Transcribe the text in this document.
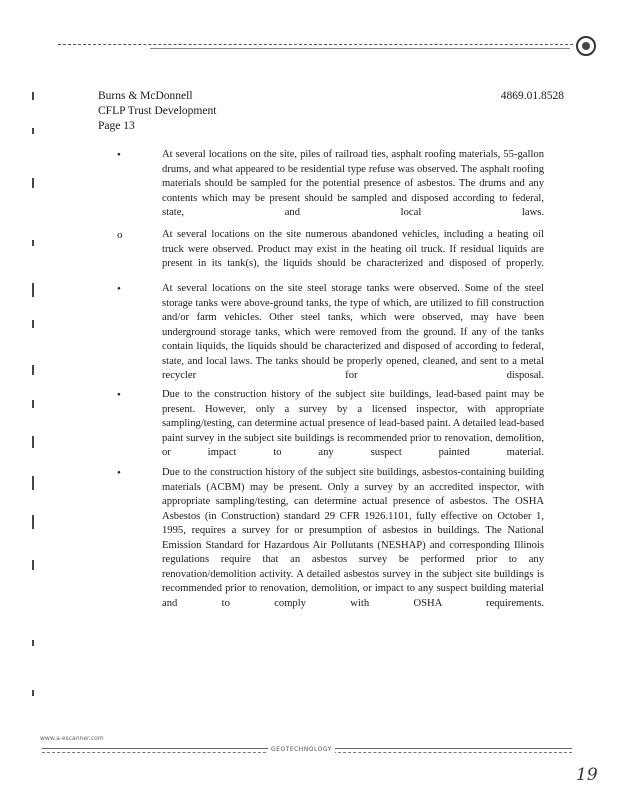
Burns & McDonnell
CFLP Trust Development
Page 13
4869.01.8528
•	At several locations on the site, piles of railroad ties, asphalt roofing materials, 55-gallon drums, and what appeared to be residential type refuse was observed. The asphalt roofing materials should be sampled for the potential presence of asbestos. The drums and any contents which may be present should be sampled and disposed according to federal, state, and local laws.
o	At several locations on the site numerous abandoned vehicles, including a heating oil truck were observed. Product may exist in the heating oil truck. If residual liquids are present in its tank(s), the liquids should be characterized and disposed of properly.
•	At several locations on the site steel storage tanks were observed. Some of the steel storage tanks were above-ground tanks, the type of which, are utilized to fill construction and/or farm vehicles. Other steel tanks, which were observed, may have been underground storage tanks, which were removed from the ground. If any of the tanks contain liquids, the liquids should be characterized and disposed of according to federal, state, and local laws. The tanks should be properly opened, cleaned, and sent to a metal recycler for disposal.
•	Due to the construction history of the subject site buildings, lead-based paint may be present. However, only a survey by a licensed inspector, with appropriate sampling/testing, can determine actual presence of lead-based paint. A detailed lead-based paint survey in the subject site buildings is recommended prior to renovation, demolition, or impact to any suspect painted material.
•	Due to the construction history of the subject site buildings, asbestos-containing building materials (ACBM) may be present. Only a survey by an accredited inspector, with appropriate sampling/testing, can determine actual presence of asbestos. The OSHA Asbestos (in Construction) standard 29 CFR 1926.1101, fully effective on October 1, 1995, requires a survey for or presumption of asbestos in buildings. The National Emission Standard for Hazardous Air Pollutants (NESHAP) and corresponding Illinois regulations require that an asbestos survey be performed prior to any renovation/demolition activity. A detailed asbestos survey in the subject site buildings is recommended prior to renovation, demolition, or impact to any suspect building material and to comply with OSHA requirements.
www.a-escanner.com
GEOTECHNOLOGY
19
